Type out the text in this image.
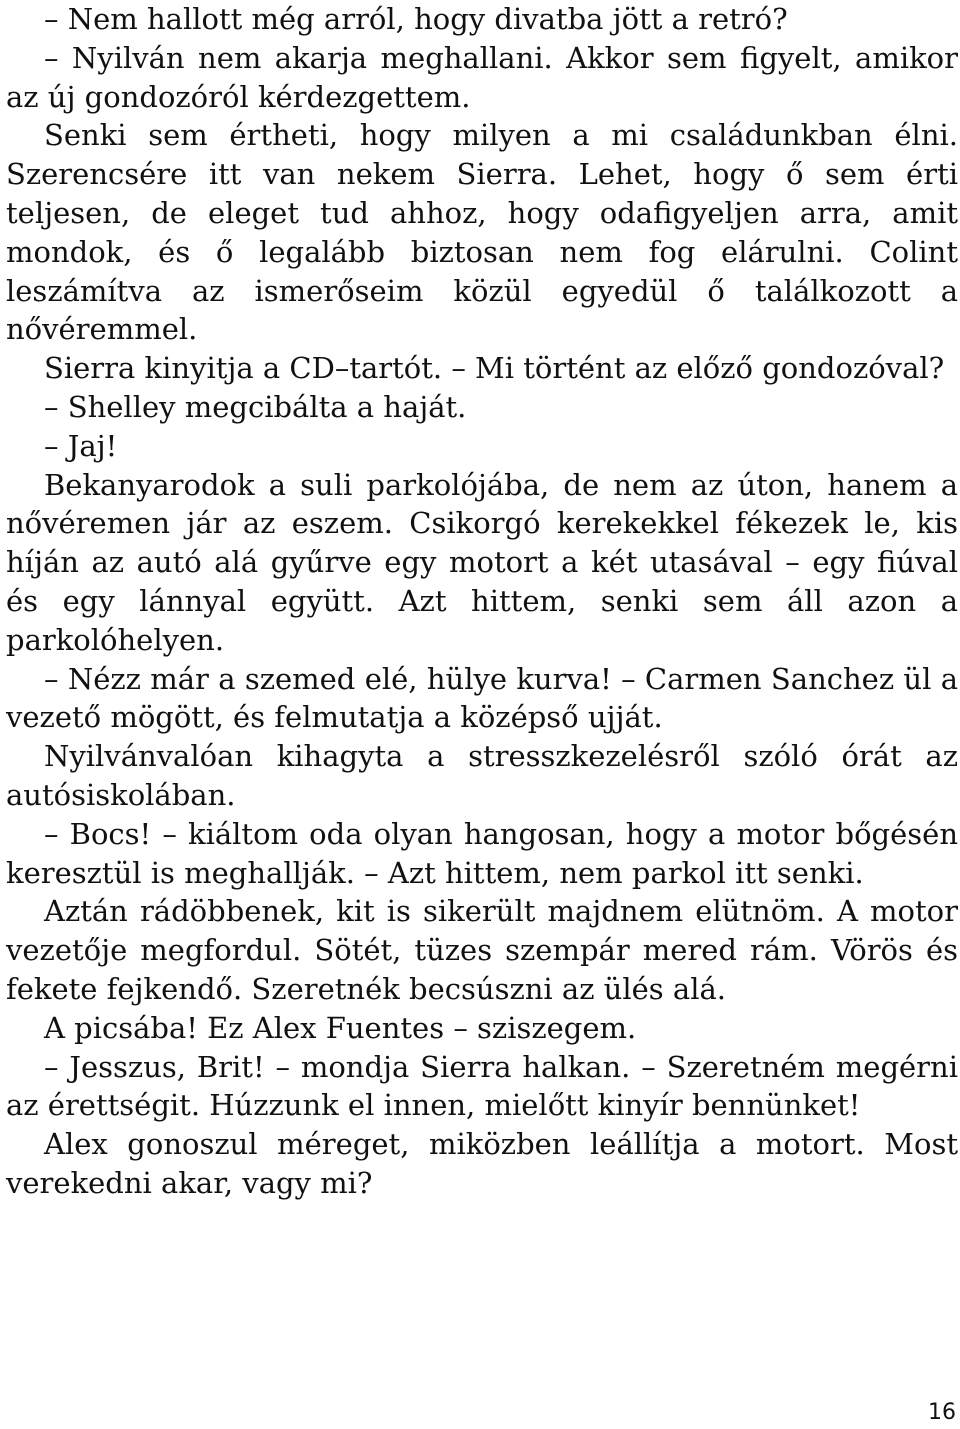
– Nem hallott még arról, hogy divatba jött a retró?

– Nyilván nem akarja meghallani. Akkor sem figyelt, amikor az új gondozóról kérdezgettem.

Senki sem értheti, hogy milyen a mi családunkban élni. Szerencsére itt van nekem Sierra. Lehet, hogy ő sem érti teljesen, de eleget tud ahhoz, hogy odafigyeljen arra, amit mondok, és ő legalább biztosan nem fog elárulni. Colint leszámítva az ismerőseim közül egyedül ő találkozott a nővéremmel.

Sierra kinyitja a CD–tartót. – Mi történt az előző gondozóval?

– Shelley megcibálta a haját.

– Jaj!

Bekanyarodok a suli parkolójába, de nem az úton, hanem a nővéremen jár az eszem. Csikorgó kerekekkel fékezek le, kis híján az autó alá gyűrve egy motort a két utasával – egy fiúval és egy lánnyal együtt. Azt hittem, senki sem áll azon a parkolóhelyen.

– Nézz már a szemed elé, hülye kurva! – Carmen Sanchez ül a vezető mögött, és felmutatja a középső ujját.

Nyilvánvalóan kihagyta a stresszkezelésről szóló órát az autósiskolában.

– Bocs! – kiáltom oda olyan hangosan, hogy a motor bőgésén keresztül is meghallják. – Azt hittem, nem parkol itt senki.

Aztán rádöbbenek, kit is sikerült majdnem elütnöm. A motor vezetője megfordul. Sötét, tüzes szempár mered rám. Vörös és fekete fejkendő. Szeretnék becsúszni az ülés alá.

A picsába! Ez Alex Fuentes – sziszegem.

– Jesszus, Brit! – mondja Sierra halkan. – Szeretném megérni az érettségit. Húzzunk el innen, mielőtt kinyír bennünket!

Alex gonoszul méreget, miközben leállítja a motort. Most verekedni akar, vagy mi?

16
